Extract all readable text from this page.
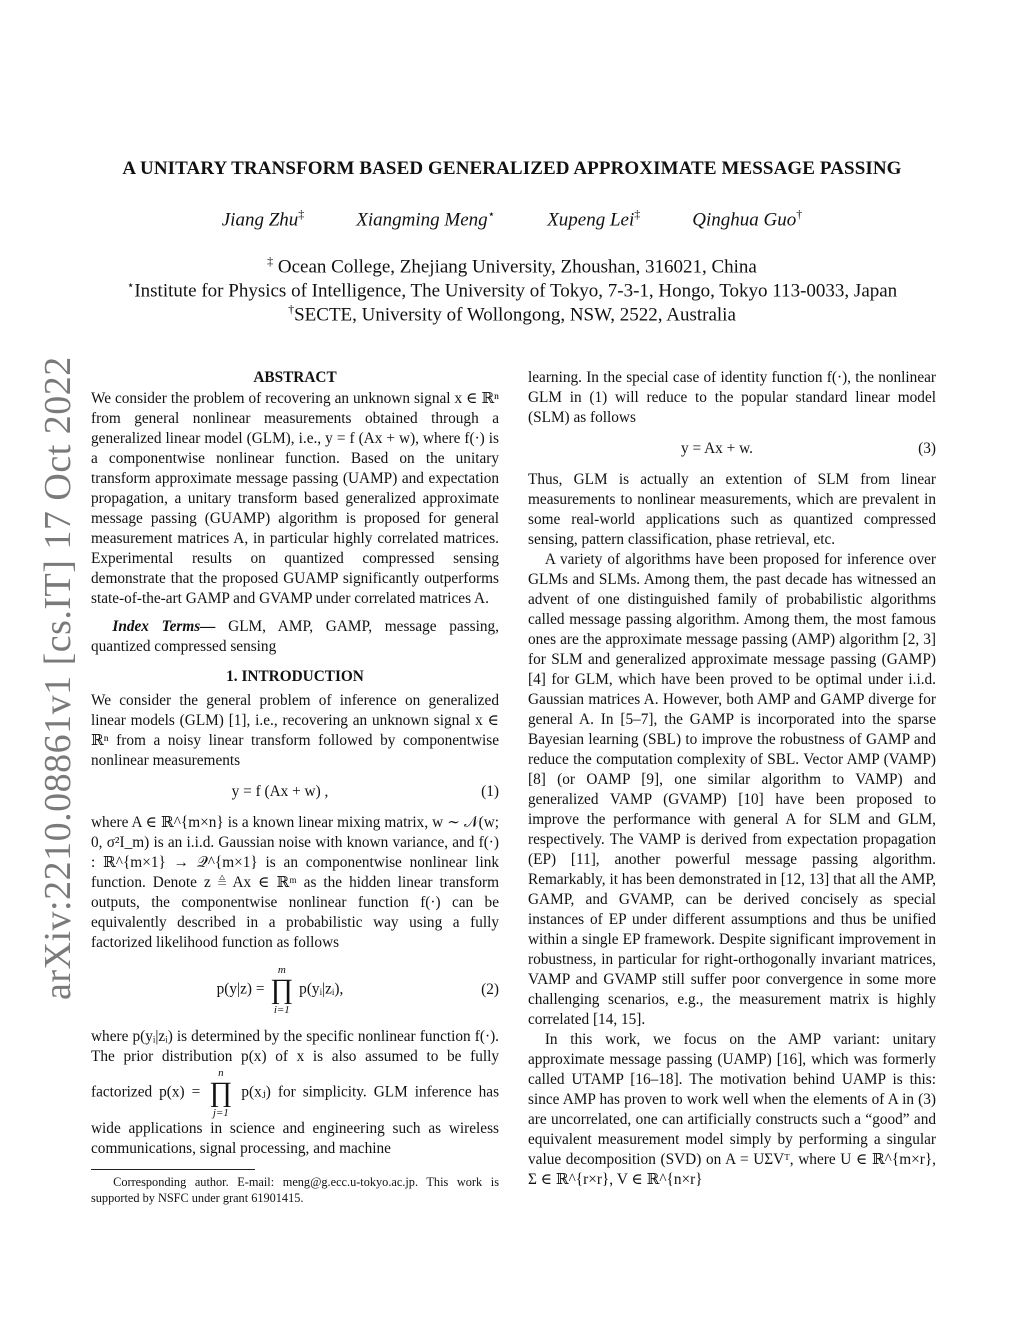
arXiv:2210.08861v1 [cs.IT] 17 Oct 2022
A UNITARY TRANSFORM BASED GENERALIZED APPROXIMATE MESSAGE PASSING
Jiang Zhu‡	Xiangming Meng⋆	Xupeng Lei‡	Qinghua Guo†
‡ Ocean College, Zhejiang University, Zhoushan, 316021, China
⋆Institute for Physics of Intelligence, The University of Tokyo, 7-3-1, Hongo, Tokyo 113-0033, Japan
†SECTE, University of Wollongong, NSW, 2522, Australia
ABSTRACT

We consider the problem of recovering an unknown signal x ∈ ℝⁿ from general nonlinear measurements obtained through a generalized linear model (GLM), i.e., y = f (Ax + w), where f(·) is a componentwise nonlinear function. Based on the unitary transform approximate message passing (UAMP) and expectation propagation, a unitary transform based generalized approximate message passing (GUAMP) algorithm is proposed for general measurement matrices A, in particular highly correlated matrices. Experimental results on quantized compressed sensing demonstrate that the proposed GUAMP significantly outperforms state-of-the-art GAMP and GVAMP under correlated matrices A.

Index Terms— GLM, AMP, GAMP, message passing, quantized compressed sensing

1. INTRODUCTION

We consider the general problem of inference on generalized linear models (GLM) [1], i.e., recovering an unknown signal x ∈ ℝⁿ from a noisy linear transform followed by componentwise nonlinear measurements

y = f (Ax + w) ,	(1)

where A ∈ ℝ^{m×n} is a known linear mixing matrix, w ∼ 𝒩(w; 0, σ²I_m) is an i.i.d. Gaussian noise with known variance, and f(·) : ℝ^{m×1} → 𝒬^{m×1} is an componentwise nonlinear link function. Denote z ≜ Ax ∈ ℝᵐ as the hidden linear transform outputs, the componentwise nonlinear function f(·) can be equivalently described in a probabilistic way using a fully factorized likelihood function as follows

p(y|z) =
m
∏
i=1
p(yᵢ|zᵢ),	(2)

where p(yᵢ|zᵢ) is determined by the specific nonlinear function f(·). The prior distribution p(x) of x is also assumed to be fully factorized p(x) =
n
∏
j=1
p(xⱼ) for simplicity. GLM inference has wide applications in science and engineering such as wireless communications, signal processing, and machine

Corresponding author. E-mail: meng@g.ecc.u-tokyo.ac.jp. This work is supported by NSFC under grant 61901415.

learning. In the special case of identity function f(·), the nonlinear GLM in (1) will reduce to the popular standard linear model (SLM) as follows

y = Ax + w.	(3)

Thus, GLM is actually an extention of SLM from linear measurements to nonlinear measurements, which are prevalent in some real-world applications such as quantized compressed sensing, pattern classification, phase retrieval, etc.

A variety of algorithms have been proposed for inference over GLMs and SLMs. Among them, the past decade has witnessed an advent of one distinguished family of probabilistic algorithms called message passing algorithm. Among them, the most famous ones are the approximate message passing (AMP) algorithm [2, 3] for SLM and generalized approximate message passing (GAMP) [4] for GLM, which have been proved to be optimal under i.i.d. Gaussian matrices A. However, both AMP and GAMP diverge for general A. In [5–7], the GAMP is incorporated into the sparse Bayesian learning (SBL) to improve the robustness of GAMP and reduce the computation complexity of SBL. Vector AMP (VAMP) [8] (or OAMP [9], one similar algorithm to VAMP) and generalized VAMP (GVAMP) [10] have been proposed to improve the performance with general A for SLM and GLM, respectively. The VAMP is derived from expectation propagation (EP) [11], another powerful message passing algorithm. Remarkably, it has been demonstrated in [12, 13] that all the AMP, GAMP, and GVAMP, can be derived concisely as special instances of EP under different assumptions and thus be unified within a single EP framework. Despite significant improvement in robustness, in particular for right-orthogonally invariant matrices, VAMP and GVAMP still suffer poor convergence in some more challenging scenarios, e.g., the measurement matrix is highly correlated [14, 15].

In this work, we focus on the AMP variant: unitary approximate message passing (UAMP) [16], which was formerly called UTAMP [16–18]. The motivation behind UAMP is this: since AMP has proven to work well when the elements of A in (3) are uncorrelated, one can artificially constructs such a “good” and equivalent measurement model simply by performing a singular value decomposition (SVD) on A = UΣVᵀ, where U ∈ ℝ^{m×r}, Σ ∈ ℝ^{r×r}, V ∈ ℝ^{n×r}
